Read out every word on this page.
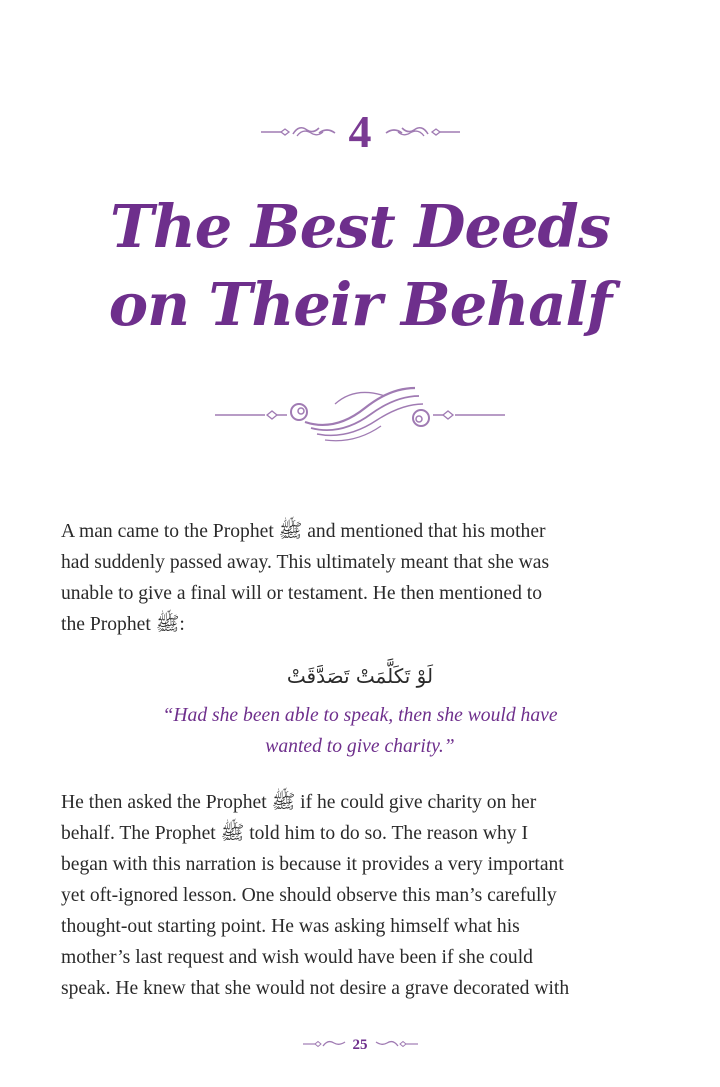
4
The Best Deeds
on Their Behalf
A man came to the Prophet ﷺ and mentioned that his mother
had suddenly passed away. This ultimately meant that she was
unable to give a final will or testament. He then mentioned to
the Prophet ﷺ:
لَوْ تَكَلَّمَتْ تَصَدَّقَتْ
“Had she been able to speak, then she would have
wanted to give charity.”
He then asked the Prophet ﷺ if he could give charity on her
behalf. The Prophet ﷺ told him to do so. The reason why I
began with this narration is because it provides a very important
yet oft-ignored lesson. One should observe this man’s carefully
thought-out starting point. He was asking himself what his
mother’s last request and wish would have been if she could
speak. He knew that she would not desire a grave decorated with
25
